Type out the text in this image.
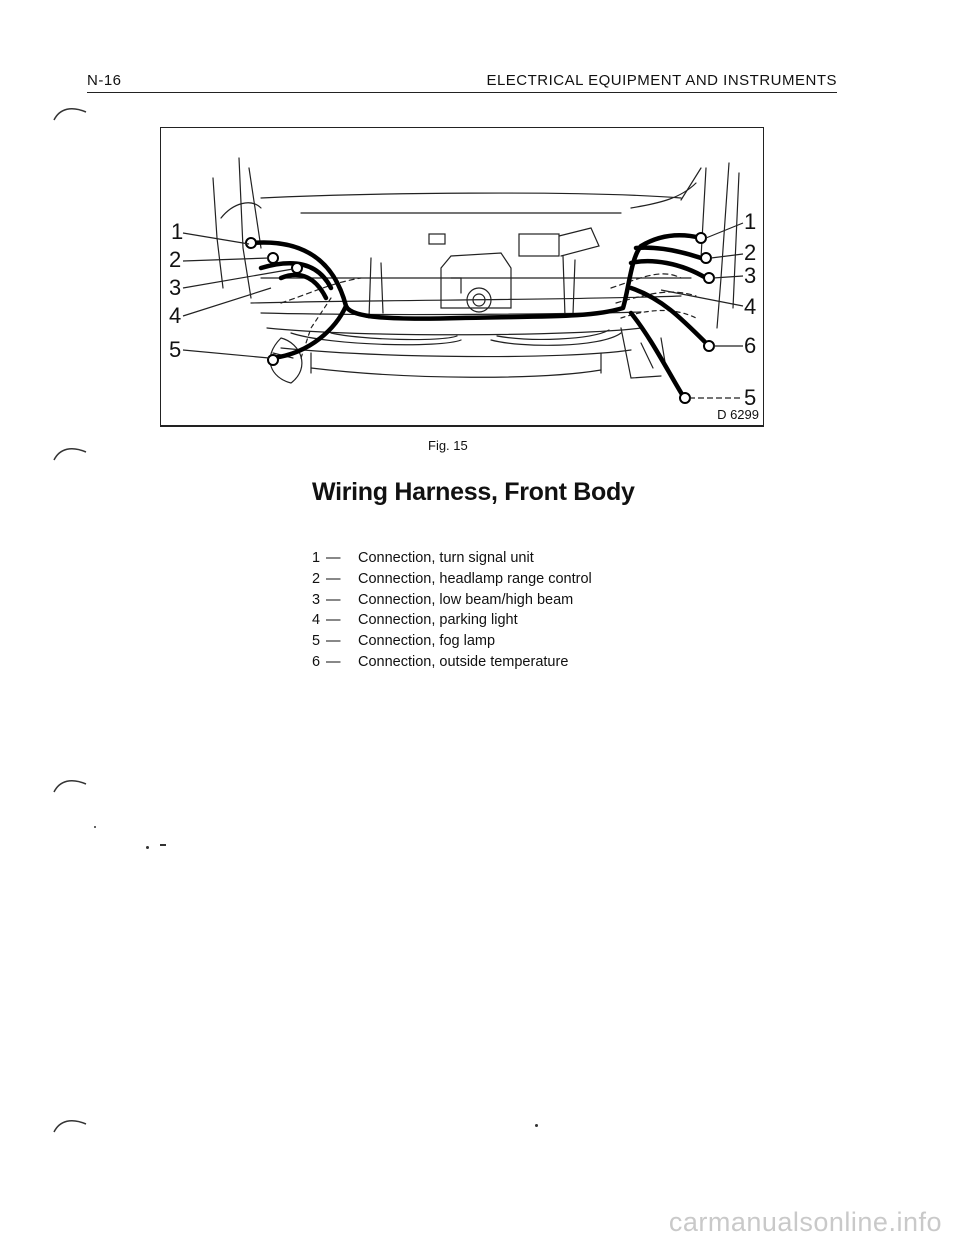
N-16	ELECTRICAL EQUIPMENT AND INSTRUMENTS
1
2
3
4
5
1
2
3
4
6
5
D 6299
Fig. 15
Wiring Harness, Front Body
1 —	Connection, turn signal unit
2 —	Connection, headlamp range control
3 —	Connection, low beam/high beam
4 —	Connection, parking light
5 —	Connection, fog lamp
6 —	Connection, outside temperature
carmanualsonline.info
